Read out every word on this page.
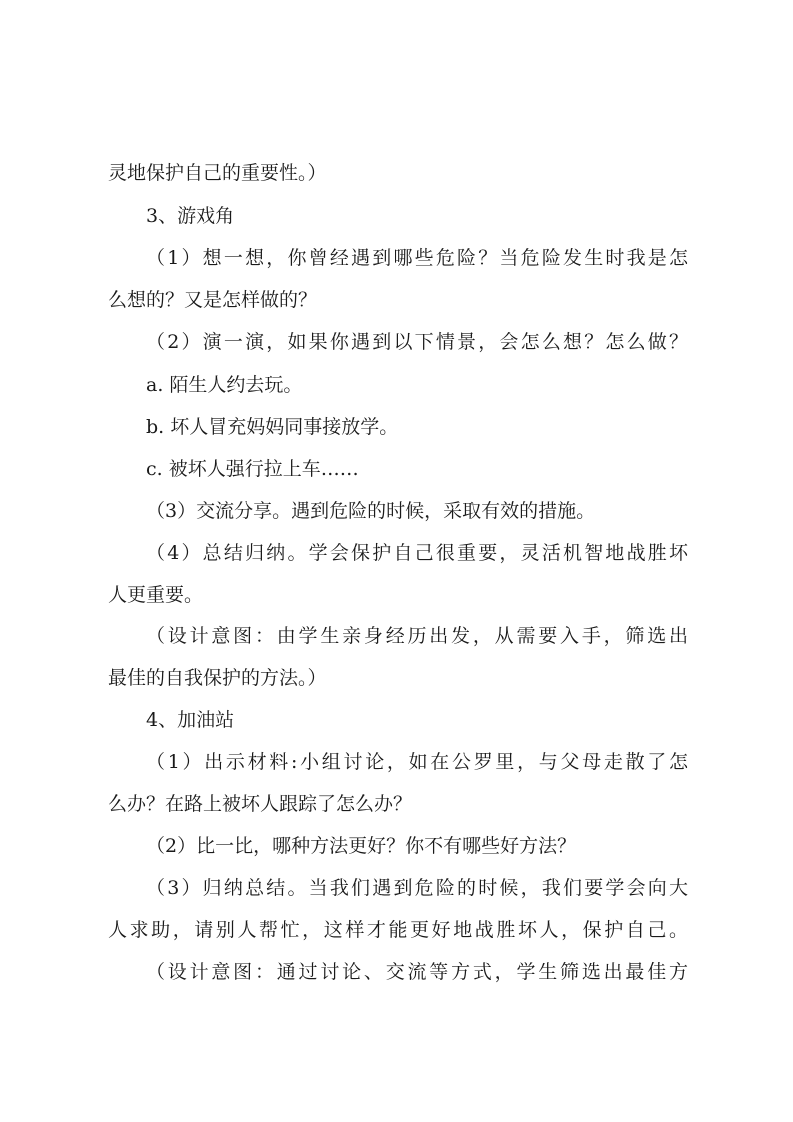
灵地保护自己的重要性。）
3、游戏角
（1）想一想，你曾经遇到哪些危险？当危险发生时我是怎
么想的？又是怎样做的？
（2）演一演，如果你遇到以下情景，会怎么想？怎么做？
a. 陌生人约去玩。
b. 坏人冒充妈妈同事接放学。
c. 被坏人强行拉上车……
（3）交流分享。遇到危险的时候，采取有效的措施。
（4）总结归纳。学会保护自己很重要，灵活机智地战胜坏
人更重要。
（设计意图：由学生亲身经历出发，从需要入手，筛选出
最佳的自我保护的方法。）
4、加油站
（1）出示材料:小组讨论，如在公罗里，与父母走散了怎
么办？在路上被坏人跟踪了怎么办？
（2）比一比，哪种方法更好？你不有哪些好方法？
（3）归纳总结。当我们遇到危险的时候，我们要学会向大
人求助，请别人帮忙，这样才能更好地战胜坏人，保护自己。
（设计意图：通过讨论、交流等方式，学生筛选出最佳方
